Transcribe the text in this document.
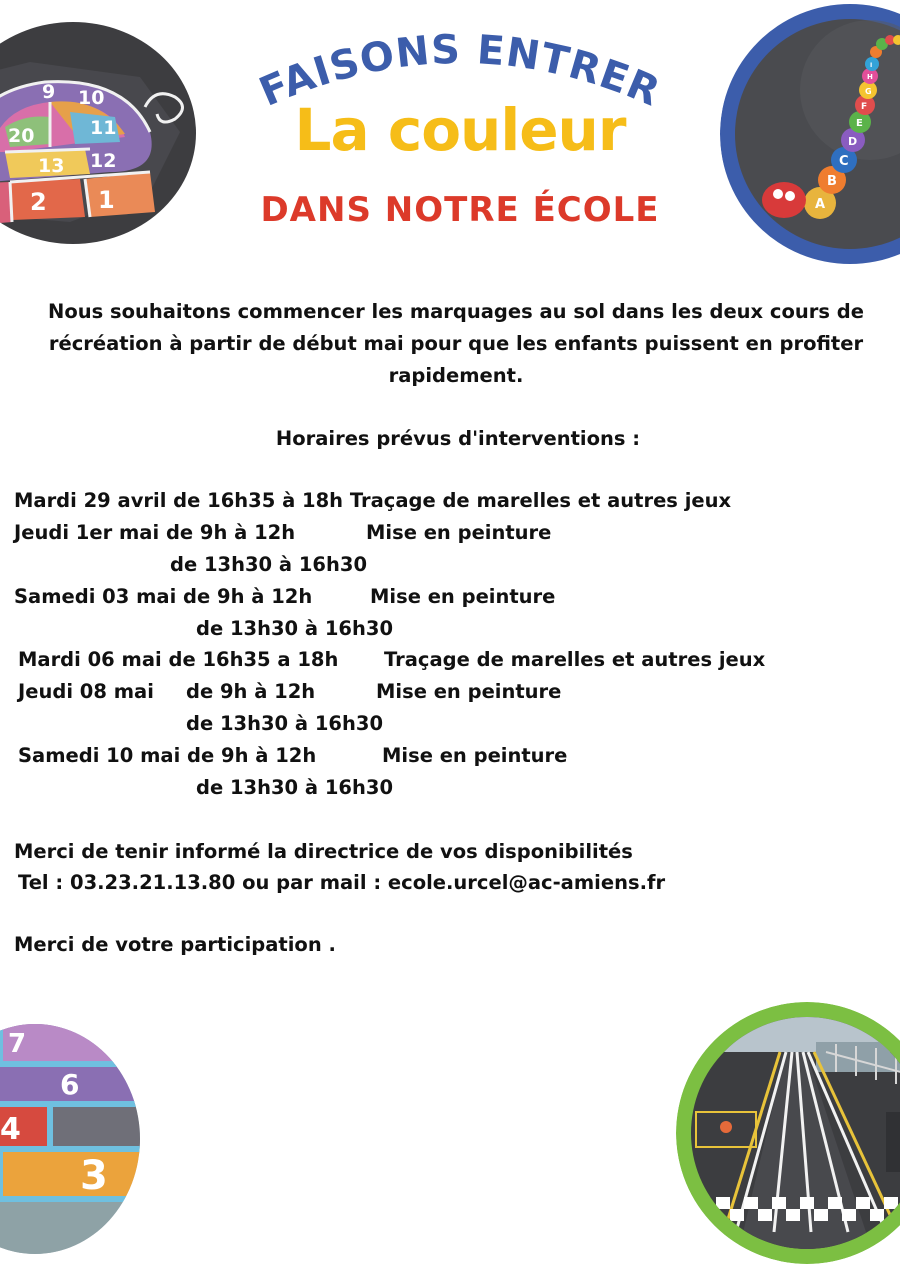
9 10
11
12
13
20
1
2	A
B
C
D
E
F
G
H
I
FAISONS ENTRER
La couleur
DANS NOTRE ÉCOLE
Nous souhaitons commencer les marquages au sol dans les deux cours de récréation à partir de début mai pour que les enfants puissent en profiter rapidement.
Horaires prévus d'interventions :
Mardi 29 avril de 16h35 à 18h Traçage de marelles et autres jeux
Jeudi 1er mai de 9h à 12h	Mise en peinture
de 13h30 à 16h30
Samedi 03 mai de 9h à 12h	Mise en peinture
de 13h30 à 16h30
Mardi 06 mai de 16h35 a 18h Traçage de marelles et autres jeux
Jeudi 08 mai de 9h à 12h	Mise en peinture
de 13h30 à 16h30
Samedi 10 mai de 9h à 12h	Mise en peinture
de 13h30 à 16h30
Merci de tenir informé la directrice de vos disponibilités
Tel : 03.23.21.13.80 ou par mail : ecole.urcel@ac-amiens.fr
Merci de votre participation .
7
6
4
3
